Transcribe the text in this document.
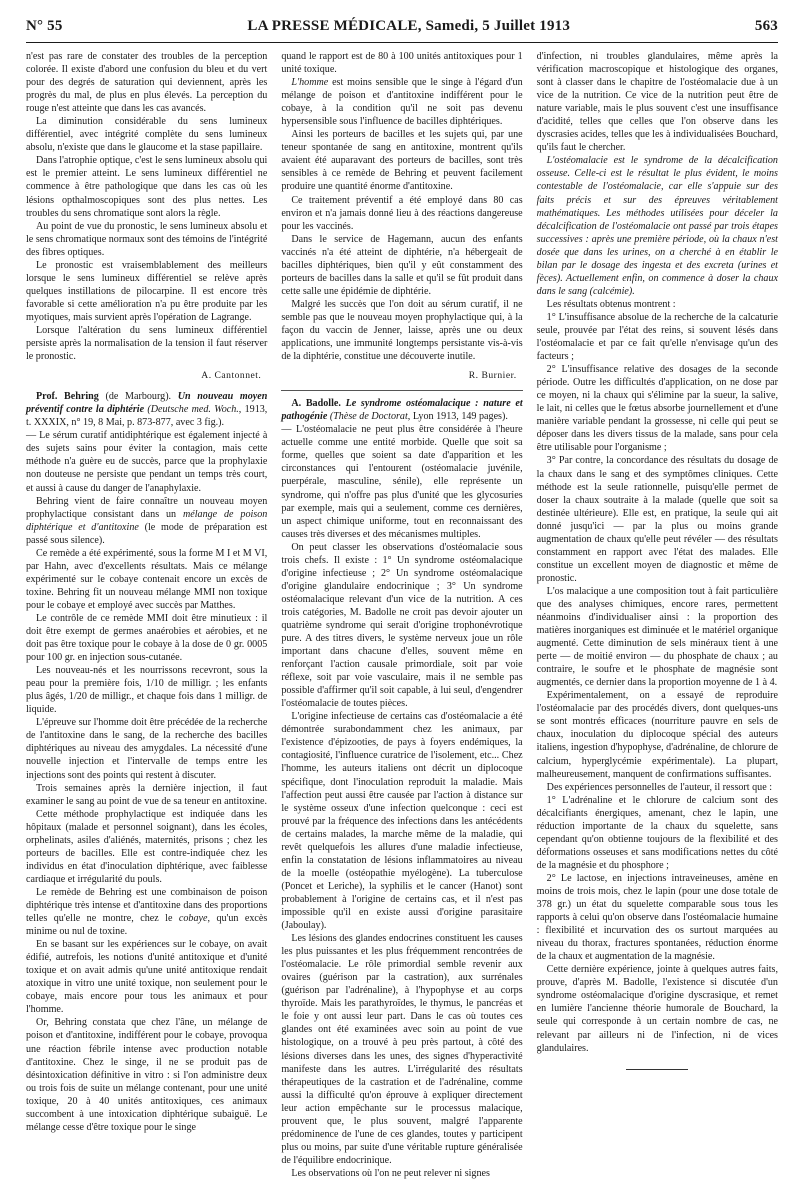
N° 55	LA PRESSE MÉDICALE, Samedi, 5 Juillet 1913	563

n'est pas rare de constater des troubles de la perception colorée. Il existe d'abord une confusion du bleu et du vert pour des degrés de saturation qui deviennent, après les progrès du mal, de plus en plus élevés. La perception du rouge n'est atteinte que dans les cas avancés.

La diminution considérable du sens lumineux différentiel, avec intégrité complète du sens lumineux absolu, n'existe que dans le glaucome et la stase papillaire.

Dans l'atrophie optique, c'est le sens lumineux absolu qui est le premier atteint. Le sens lumineux différentiel ne commence à être pathologique que dans les cas où les lésions opthalmoscopiques sont des plus nettes. Les troubles du sens chromatique sont alors la règle.

Au point de vue du pronostic, le sens lumineux absolu et le sens chromatique normaux sont des témoins de l'intégrité des fibres optiques.

Le pronostic est vraisemblablement des meilleurs lorsque le sens lumineux différentiel se relève après quelques instillations de pilocarpine. Il est encore très favorable si cette amélioration n'a pu être produite par les myotiques, mais survient après l'opération de Lagrange.

Lorsque l'altération du sens lumineux différentiel persiste après la normalisation de la tension il faut réserver le pronostic.

A. Cantonnet.

Prof. Behring (de Marbourg). Un nouveau moyen préventif contre la diphtérie (Deutsche med. Woch., 1913, t. XXXIX, n° 19, 8 Mai, p. 873-877, avec 3 fig.).

— Le sérum curatif antidiphtérique est également injecté à des sujets sains pour éviter la contagion, mais cette méthode n'a guère eu de succès, parce que la prophylaxie non douteuse ne persiste que pendant un temps très court, et aussi à cause du danger de l'anaphylaxie.

Behring vient de faire connaître un nouveau moyen prophylactique consistant dans un mélange de poison diphtérique et d'antitoxine (le mode de préparation est passé sous silence).

Ce remède a été expérimenté, sous la forme M I et M VI, par Hahn, avec d'excellents résultats. Mais ce mélange expérimenté sur le cobaye contenait encore un excès de toxine. Behring fit un nouveau mélange MMI non toxique pour le cobaye et employé avec succès par Matthes.

Le contrôle de ce remède MMI doit être minutieux : il doit être exempt de germes anaérobies et aérobies, et ne doit pas être toxique pour le cobaye à la dose de 0 gr. 0005 pour 100 gr. en injection sous-cutanée.

Les nouveau-nés et les nourrissons recevront, sous la peau pour la première fois, 1/10 de milligr. ; les enfants plus âgés, 1/20 de milligr., et chaque fois dans 1 milligr. de liquide.

L'épreuve sur l'homme doit être précédée de la recherche de l'antitoxine dans le sang, de la recherche des bacilles diphtériques au niveau des amygdales. La nécessité d'une nouvelle injection et l'intervalle de temps entre les injections sont des points qui restent à discuter.

Trois semaines après la dernière injection, il faut examiner le sang au point de vue de sa teneur en antitoxine.

Cette méthode prophylactique est indiquée dans les hôpitaux (malade et personnel soignant), dans les écoles, orphelinats, asiles d'aliénés, maternités, prisons ; chez les porteurs de bacilles. Elle est contre-indiquée chez les individus en état d'inoculation diphtérique, avec faiblesse cardiaque et irrégularité du pouls.

Le remède de Behring est une combinaison de poison diphtérique très intense et d'antitoxine dans des proportions telles qu'elle ne montre, chez le cobaye, qu'un excès minime ou nul de toxine.

En se basant sur les expériences sur le cobaye, on avait édifié, autrefois, les notions d'unité antitoxique et d'unité toxique et on avait admis qu'une unité antitoxique rendait atoxique in vitro une unité toxique, non seulement pour le cobaye, mais encore pour tous les animaux et pour l'homme.

Or, Behring constata que chez l'âne, un mélange de poison et d'antitoxine, indifférent pour le cobaye, provoqua une réaction fébrile intense avec production notable d'antitoxine. Chez le singe, il ne se produit pas de désintoxication définitive in vitro : si l'on administre deux ou trois fois de suite un mélange contenant, pour une unité toxique, 20 à 40 unités antitoxiques, ces animaux succombent à une intoxication diphtérique subaiguë. Le mélange cesse d'être toxique pour le singe

quand le rapport est de 80 à 100 unités antitoxiques pour 1 unité toxique.

L'homme est moins sensible que le singe à l'égard d'un mélange de poison et d'antitoxine indifférent pour le cobaye, à la condition qu'il ne soit pas devenu hypersensible sous l'influence de bacilles diphtériques.

Ainsi les porteurs de bacilles et les sujets qui, par une teneur spontanée de sang en antitoxine, montrent qu'ils avaient été auparavant des porteurs de bacilles, sont très sensibles à ce remède de Behring et peuvent facilement produire une quantité énorme d'antitoxine.

Ce traitement préventif a été employé dans 80 cas environ et n'a jamais donné lieu à des réactions dangereuse pour les vaccinés.

Dans le service de Hagemann, aucun des enfants vaccinés n'a été atteint de diphtérie, n'a hébergeait de bacilles diphtériques, bien qu'il y eût constamment des porteurs de bacilles dans la salle et qu'il se fût produit dans cette salle une épidémie de diphtérie.

Malgré les succès que l'on doit au sérum curatif, il ne semble pas que le nouveau moyen prophylactique qui, à la façon du vaccin de Jenner, laisse, après une ou deux applications, une immunité longtemps persistante vis-à-vis de la diphtérie, constitue une découverte inutile.

R. Burnier.

A. Badolle. Le syndrome ostéomalacique : nature et pathogénie (Thèse de Doctorat, Lyon 1913, 149 pages).

— L'ostéomalacie ne peut plus être considérée à l'heure actuelle comme une entité morbide. Quelle que soit sa forme, quelles que soient sa date d'apparition et les circonstances qui l'entourent (ostéomalacie juvénile, puerpérale, masculine, sénile), elle représente un syndrome, qui n'offre pas plus d'unité que les glycosuries par exemple, mais qui a seulement, comme ces dernières, un aspect chimique uniforme, tout en reconnaissant des causes très diverses et des mécanismes multiples.

On peut classer les observations d'ostéomalacie sous trois chefs. Il existe : 1° Un syndrome ostéomalacique d'origine infectieuse ; 2° Un syndrome ostéomalacique d'origine glandulaire endocrinique ; 3° Un syndrome ostéomalacique relevant d'un vice de la nutrition. A ces trois catégories, M. Badolle ne croit pas devoir ajouter un quatrième syndrome qui serait d'origine trophonévrotique pure. A des titres divers, le système nerveux joue un rôle important dans chacune d'elles, souvent même en renforçant l'action causale primordiale, soit par voie réflexe, soit par voie vasculaire, mais il ne semble pas possible d'affirmer qu'il soit capable, à lui seul, d'engendrer l'ostéomalacie de toutes pièces.

L'origine infectieuse de certains cas d'ostéomalacie a été démontrée surabondamment chez les animaux, par l'existence d'épizooties, de pays à foyers endémiques, la contagiosité, l'influence curatrice de l'isolement, etc... Chez l'homme, les auteurs italiens ont décrit un diplocoque spécifique, dont l'inoculation reproduit la maladie. Mais l'affection peut aussi être causée par l'action à distance sur le système osseux d'une infection quelconque : ceci est prouvé par la fréquence des infections dans les antécédents de certains malades, la marche même de la maladie, qui revêt quelquefois les allures d'une maladie infectieuse, enfin la constatation de lésions inflammatoires au niveau de la moelle (ostéopathie myélogène). La tuberculose (Poncet et Leriche), la syphilis et le cancer (Hanot) sont probablement à l'origine de certains cas, et il n'est pas impossible qu'il en existe aussi d'origine parasitaire (Jaboulay).

Les lésions des glandes endocrines constituent les causes les plus puissantes et les plus fréquemment rencontrées de l'ostéomalacie. Le rôle primordial semble revenir aux ovaires (guérison par la castration), aux surrénales (guérison par l'adrénaline), à l'hypophyse et au corps thyroïde. Mais les parathyroïdes, le thymus, le pancréas et le foie y ont aussi leur part. Dans le cas où toutes ces glandes ont été examinées avec soin au point de vue histologique, on a trouvé à peu près partout, à côté des lésions diverses dans les unes, des signes d'hyperactivité manifeste dans les autres. L'irrégularité des résultats thérapeutiques de la castration et de l'adrénaline, comme aussi la difficulté qu'on éprouve à expliquer directement leur action empêchante sur le processus malacique, prouvent que, le plus souvent, malgré l'apparente prédominence de l'une de ces glandes, toutes y participent plus ou moins, par suite d'une véritable rupture généralisée de l'équilibre endocrinique.

Les observations où l'on ne peut relever ni signes

d'infection, ni troubles glandulaires, même après la vérification macroscopique et histologique des organes, sont à classer dans le chapitre de l'ostéomalacie due à un vice de la nutrition. Ce vice de la nutrition peut être de nature variable, mais le plus souvent c'est une insuffisance d'acidité, telles que celles que l'on observe dans les dyscrasies acides, telles que les à individualisées Bouchard, qu'ils faut le chercher.

L'ostéomalacie est le syndrome de la décalcification osseuse. Celle-ci est le résultat le plus évident, le moins contestable de l'ostéomalacie, car elle s'appuie sur des faits précis et sur des épreuves véritablement mathématiques. Les méthodes utilisées pour déceler la décalcification de l'ostéomalacie ont passé par trois étapes successives : après une première période, où la chaux n'est dosée que dans les urines, on a cherché à en établir le bilan par le dosage des ingesta et des excreta (urines et fèces). Actuellement enfin, on commence à doser la chaux dans le sang (calcémie).

Les résultats obtenus montrent :

1° L'insuffisance absolue de la recherche de la calcaturie seule, prouvée par l'état des reins, si souvent lésés dans l'ostéomalacie et par ce fait qu'elle n'envisage qu'un des facteurs ;

2° L'insuffisance relative des dosages de la seconde période. Outre les difficultés d'application, on ne dose par ce moyen, ni la chaux qui s'élimine par la sueur, la salive, le lait, ni celles que le fœtus absorbe journellement et d'une manière variable pendant la grossesse, ni celle qui peut se déposer dans les divers tissus de la malade, sans pour cela être utilisable pour l'organisme ;

3° Par contre, la concordance des résultats du dosage de la chaux dans le sang et des symptômes cliniques. Cette méthode est la seule rationnelle, puisqu'elle permet de doser la chaux soutraite à la malade (quelle que soit sa destinée ultérieure). Elle est, en pratique, la seule qui ait donné jusqu'ici — par la plus ou moins grande augmentation de chaux qu'elle peut révéler — des résultats constamment en rapport avec l'état des malades. Elle constitue un excellent moyen de diagnostic et même de pronostic.

L'os malacique a une composition tout à fait particulière que des analyses chimiques, encore rares, permettent néanmoins d'individualiser ainsi : la proportion des matières inorganiques est diminuée et le matériel organique augmenté. Cette diminution de sels minéraux tient à une perte — de moitié environ — du phosphate de chaux ; au contraire, le soufre et le phosphate de magnésie sont augmentés, ce dernier dans la proportion moyenne de 1 à 4.

Expérimentalement, on a essayé de reproduire l'ostéomalacie par des procédés divers, dont quelques-uns se sont montrés efficaces (nourriture pauvre en sels de chaux, inoculation du diplocoque spécial des auteurs italiens, ingestion d'hypophyse, d'adrénaline, de chlorure de calcium, hyperglycémie expérimentale). La plupart, malheureusement, manquent de confirmations suffisantes.

Des expériences personnelles de l'auteur, il ressort que :

1° L'adrénaline et le chlorure de calcium sont des décalcifiants énergiques, amenant, chez le lapin, une réduction importante de la chaux du squelette, sans cependant qu'on obtienne toujours de la flexibilité et des déformations osseuses et sans modifications nettes du côté de la magnésie et du phosphore ;

2° Le lactose, en injections intraveineuses, amène en moins de trois mois, chez le lapin (pour une dose totale de 378 gr.) un état du squelette comparable sous tous les rapports à celui qu'on observe dans l'ostéomalacie humaine : flexibilité et incurvation des os surtout marquées au niveau du thorax, fractures spontanées, réduction énorme de la chaux et augmentation de la magnésie.

Cette dernière expérience, jointe à quelques autres faits, prouve, d'après M. Badolle, l'existence si discutée d'un syndrome ostéomalacique d'origine dyscrasique, et remet en lumière l'ancienne théorie humorale de Bouchard, la seule qui corresponde à un certain nombre de cas, ne relevant par ailleurs ni de l'infection, ni de vices glandulaires.
